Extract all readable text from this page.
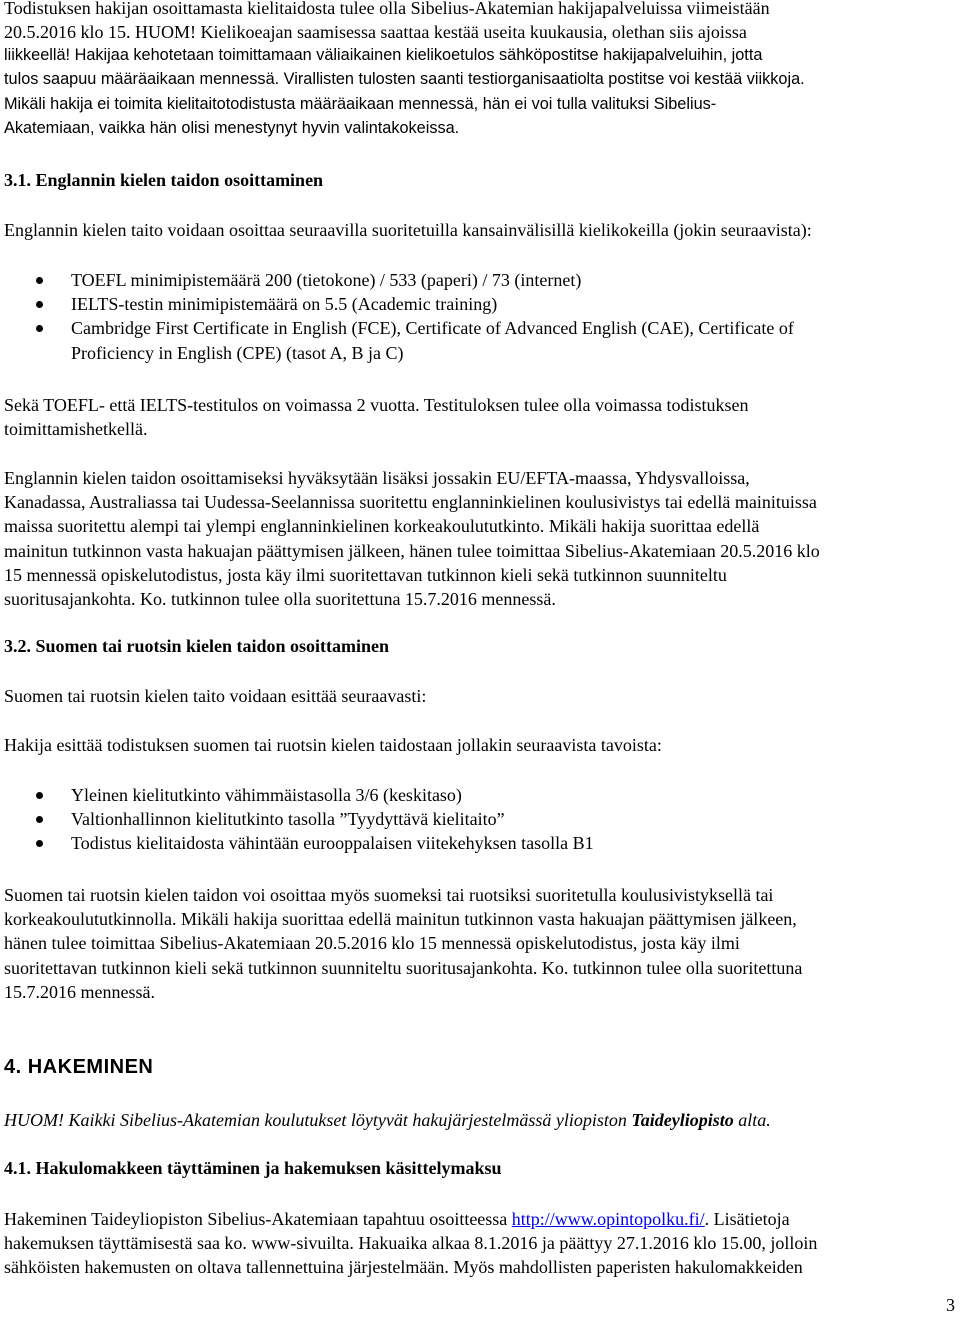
Todistuksen hakijan osoittamasta kielitaidosta tulee olla Sibelius-Akatemian hakijapalveluissa viimeistään
20.5.2016 klo 15. HUOM! Kielikoeajan saamisessa saattaa kestää useita kuukausia, olethan siis ajoissa
liikkeellä! Hakijaa kehotetaan toimittamaan väliaikainen kielikoetulos sähköpostitse hakijapalveluihin, jotta
tulos saapuu määräaikaan mennessä. Virallisten tulosten saanti testiorganisaatiolta postitse voi kestää viikkoja.
Mikäli hakija ei toimita kielitaitotodistusta määräaikaan mennessä, hän ei voi tulla valituksi Sibelius-
Akatemiaan, vaikka hän olisi menestynyt hyvin valintakokeissa.
3.1. Englannin kielen taidon osoittaminen
Englannin kielen taito voidaan osoittaa seuraavilla suoritetuilla kansainvälisillä kielikokeilla (jokin seuraavista):
TOEFL minimipistemäärä 200 (tietokone) / 533 (paperi) / 73 (internet)
IELTS-testin minimipistemäärä on 5.5 (Academic training)
Cambridge First Certificate in English (FCE), Certificate of Advanced English (CAE), Certificate of
Proficiency in English (CPE) (tasot A, B ja C)
Sekä TOEFL- että IELTS-testitulos on voimassa 2 vuotta. Testituloksen tulee olla voimassa todistuksen
toimittamishetkellä.
Englannin kielen taidon osoittamiseksi hyväksytään lisäksi jossakin EU/EFTA-maassa, Yhdysvalloissa,
Kanadassa, Australiassa tai Uudessa-Seelannissa suoritettu englanninkielinen koulusivistys tai edellä mainituissa
maissa suoritettu alempi tai ylempi englanninkielinen korkeakoulututkinto. Mikäli hakija suorittaa edellä
mainitun tutkinnon vasta hakuajan päättymisen jälkeen, hänen tulee toimittaa Sibelius-Akatemiaan 20.5.2016 klo
15 mennessä opiskelutodistus, josta käy ilmi suoritettavan tutkinnon kieli sekä tutkinnon suunniteltu
suoritusajankohta. Ko. tutkinnon tulee olla suoritettuna 15.7.2016 mennessä.
3.2. Suomen tai ruotsin kielen taidon osoittaminen
Suomen tai ruotsin kielen taito voidaan esittää seuraavasti:
Hakija esittää todistuksen suomen tai ruotsin kielen taidostaan jollakin seuraavista tavoista:
Yleinen kielitutkinto vähimmäistasolla 3/6 (keskitaso)
Valtionhallinnon kielitutkinto tasolla ”Tyydyttävä kielitaito”
Todistus kielitaidosta vähintään eurooppalaisen viitekehyksen tasolla B1
Suomen tai ruotsin kielen taidon voi osoittaa myös suomeksi tai ruotsiksi suoritetulla koulusivistyksellä tai
korkeakoulututkinnolla. Mikäli hakija suorittaa edellä mainitun tutkinnon vasta hakuajan päättymisen jälkeen,
hänen tulee toimittaa Sibelius-Akatemiaan 20.5.2016 klo 15 mennessä opiskelutodistus, josta käy ilmi
suoritettavan tutkinnon kieli sekä tutkinnon suunniteltu suoritusajankohta. Ko. tutkinnon tulee olla suoritettuna
15.7.2016 mennessä.
4. HAKEMINEN
HUOM! Kaikki Sibelius-Akatemian koulutukset löytyvät hakujärjestelmässä yliopiston Taideyliopisto alta.
4.1. Hakulomakkeen täyttäminen ja hakemuksen käsittelymaksu
Hakeminen Taideyliopiston Sibelius-Akatemiaan tapahtuu osoitteessa http://www.opintopolku.fi/. Lisätietoja
hakemuksen täyttämisestä saa ko. www-sivuilta. Hakuaika alkaa 8.1.2016 ja päättyy 27.1.2016 klo 15.00, jolloin
sähköisten hakemusten on oltava tallennettuina järjestelmään. Myös mahdollisten paperisten hakulomakkeiden
3
